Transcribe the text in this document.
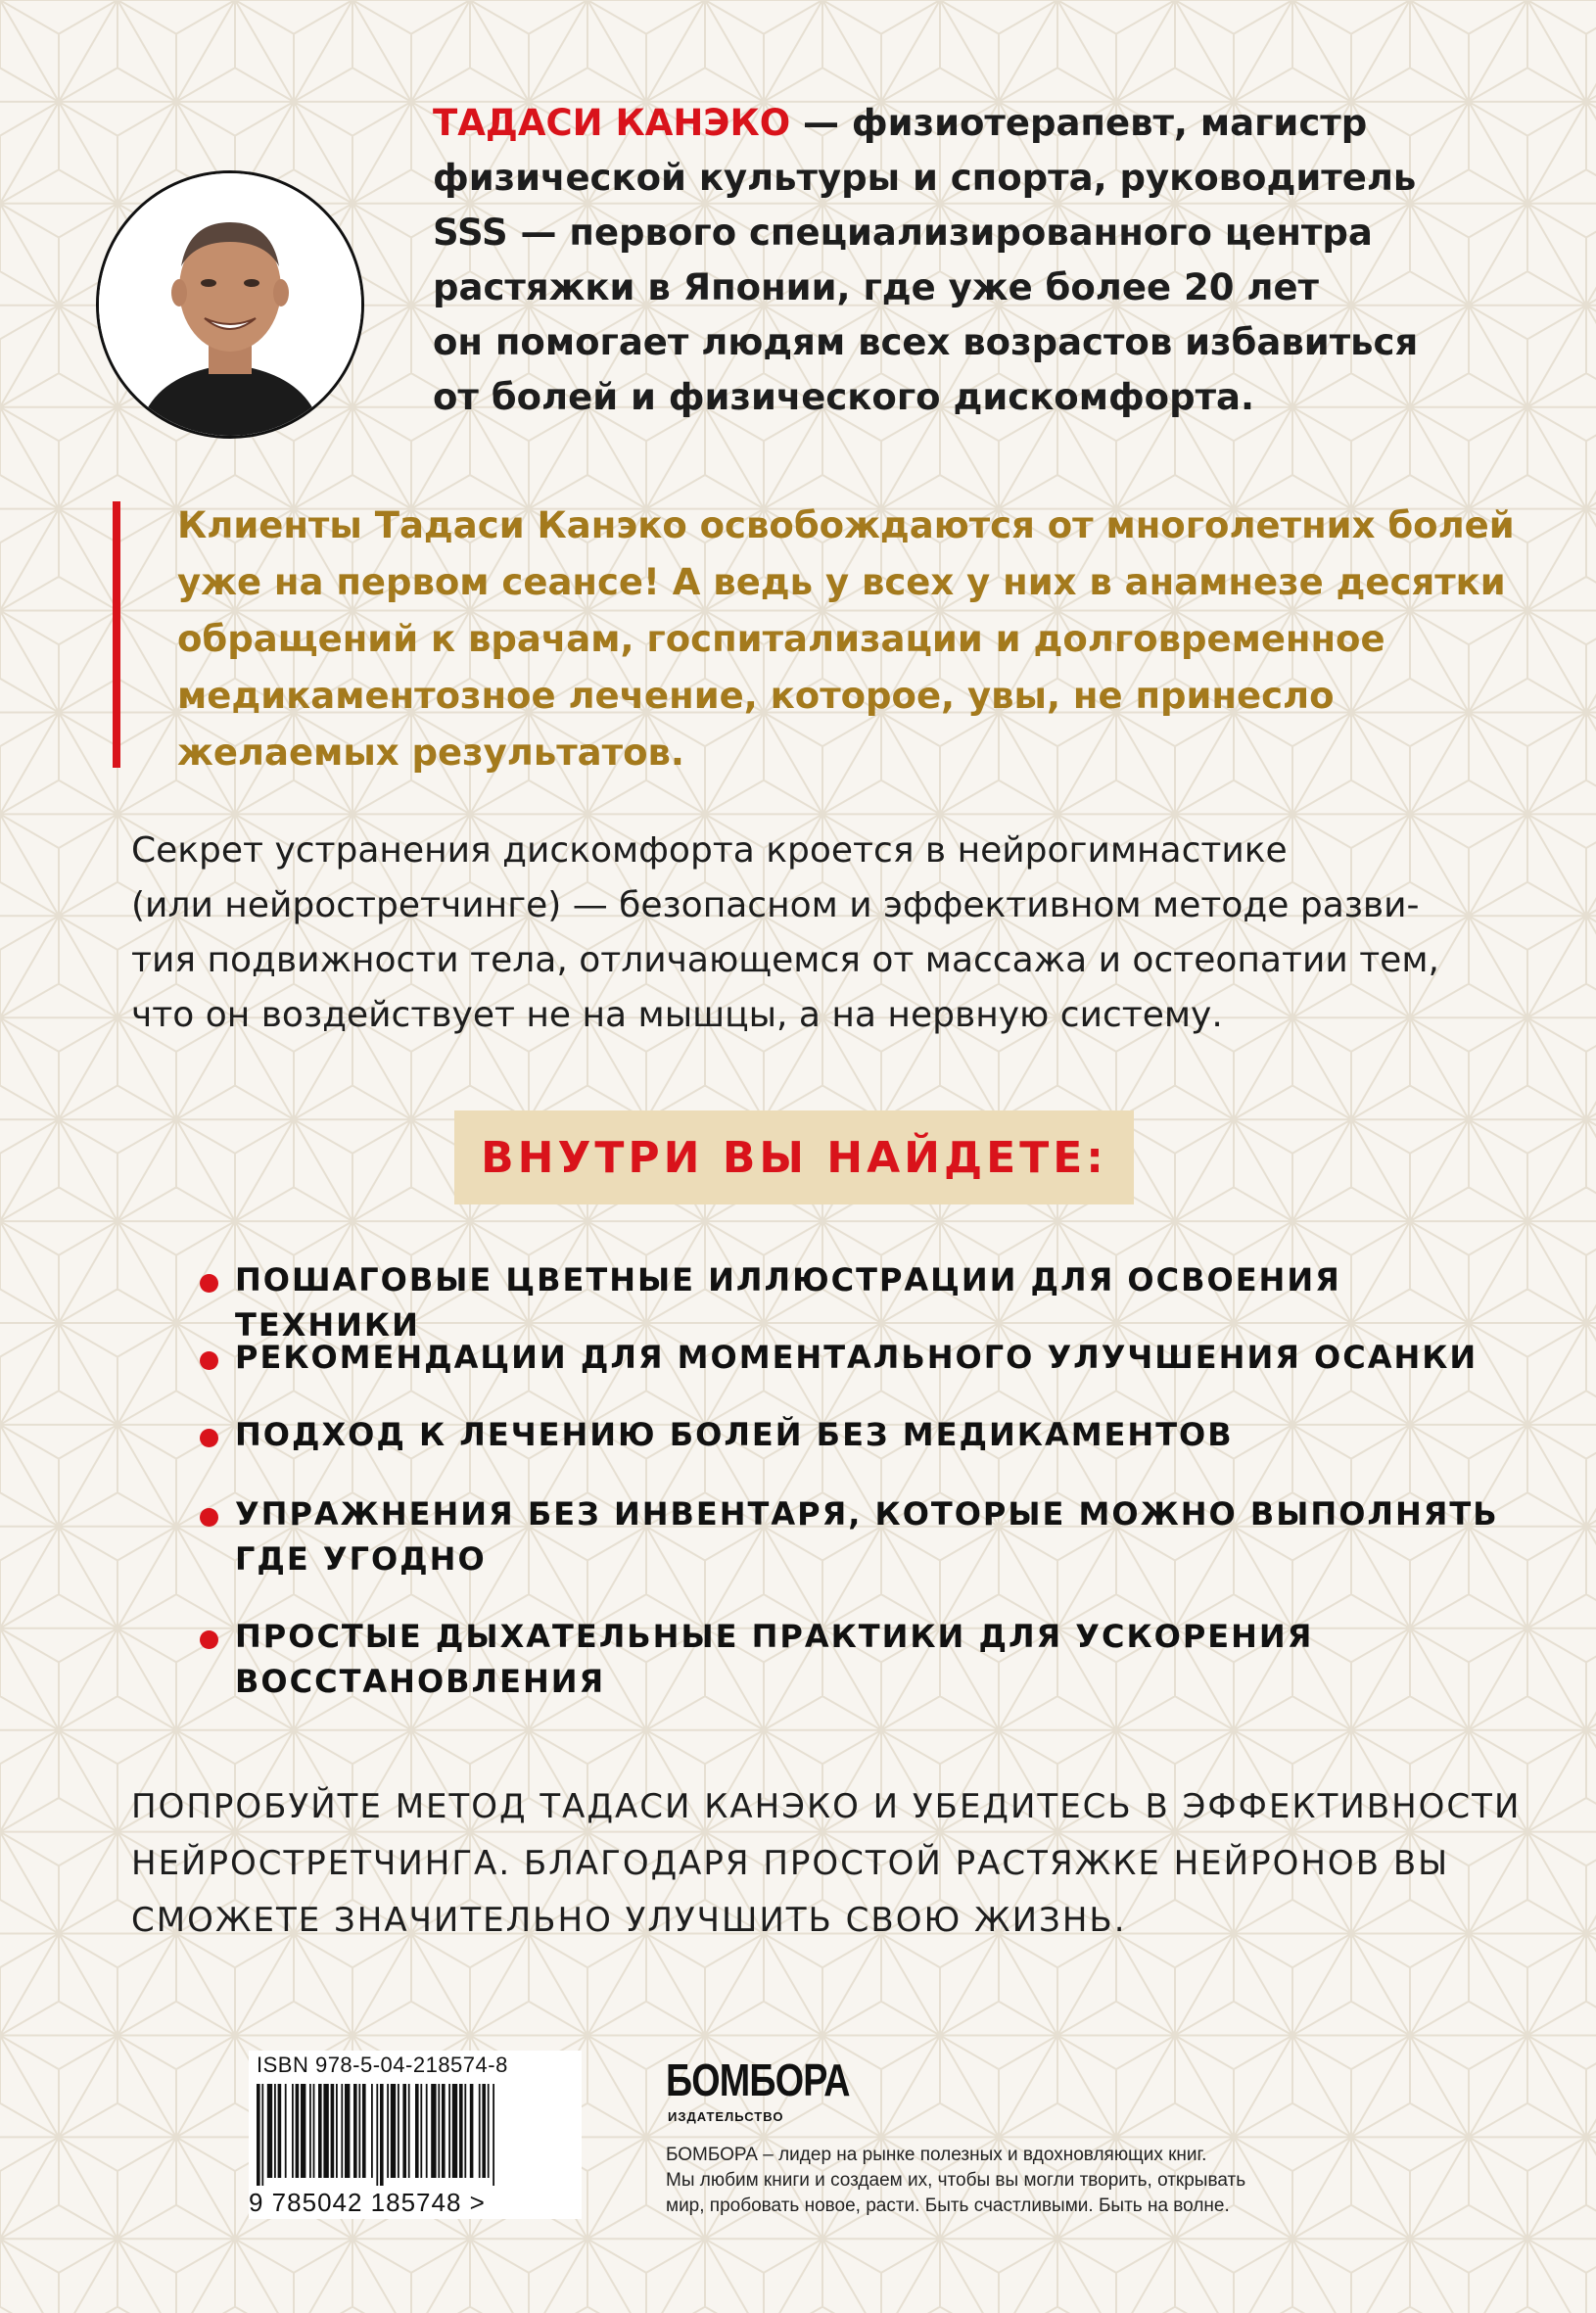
ТАДАСИ КАНЭКО — физиотерапевт, магистр
физической культуры и спорта, руководитель
SSS — первого специализированного центра
растяжки в Японии, где уже более 20 лет
он помогает людям всех возрастов избавиться
от болей и физического дискомфорта.
Клиенты Тадаси Канэко освобождаются от многолетних болей
уже на первом сеансе! А ведь у всех у них в анамнезе десятки
обращений к врачам, госпитализации и долговременное
медикаментозное лечение, которое, увы, не принесло
желаемых результатов.
Секрет устранения дискомфорта кроется в нейрогимнастике
(или нейростретчинге) — безопасном и эффективном методе разви-
тия подвижности тела, отличающемся от массажа и остеопатии тем,
что он воздействует не на мышцы, а на нервную систему.
ВНУТРИ ВЫ НАЙДЕТЕ:
ПОШАГОВЫЕ ЦВЕТНЫЕ ИЛЛЮСТРАЦИИ ДЛЯ ОСВОЕНИЯ ТЕХНИКИ
РЕКОМЕНДАЦИИ ДЛЯ МОМЕНТАЛЬНОГО УЛУЧШЕНИЯ ОСАНКИ
ПОДХОД К ЛЕЧЕНИЮ БОЛЕЙ БЕЗ МЕДИКАМЕНТОВ
УПРАЖНЕНИЯ БЕЗ ИНВЕНТАРЯ, КОТОРЫЕ МОЖНО ВЫПОЛНЯТЬ
ГДЕ УГОДНО
ПРОСТЫЕ ДЫХАТЕЛЬНЫЕ ПРАКТИКИ ДЛЯ УСКОРЕНИЯ
ВОССТАНОВЛЕНИЯ
ПОПРОБУЙТЕ МЕТОД ТАДАСИ КАНЭКО И УБЕДИТЕСЬ В ЭФФЕКТИВНОСТИ
НЕЙРОСТРЕТЧИНГА. БЛАГОДАРЯ ПРОСТОЙ РАСТЯЖКЕ НЕЙРОНОВ ВЫ
СМОЖЕТЕ ЗНАЧИТЕЛЬНО УЛУЧШИТЬ СВОЮ ЖИЗНЬ.
ISBN 978-5-04-218574-8
9 785042 185748 >
БОМБОРА
ИЗДАТЕЛЬСТВО
БОМБОРА – лидер на рынке полезных и вдохновляющих книг.
Мы любим книги и создаем их, чтобы вы могли творить, открывать
мир, пробовать новое, расти. Быть счастливыми. Быть на волне.
